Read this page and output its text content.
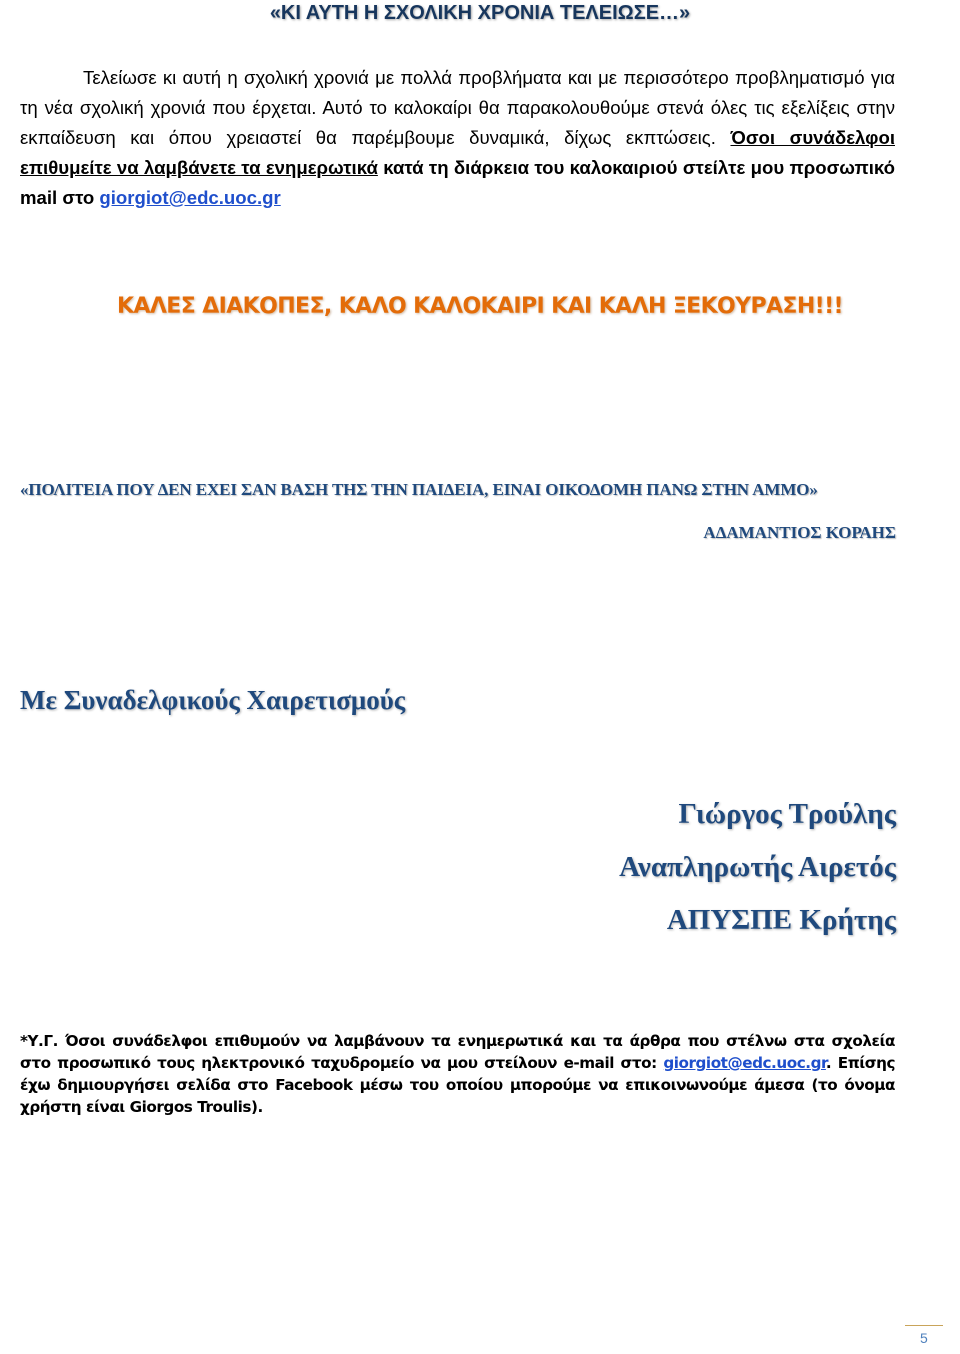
«ΚΙ ΑΥΤΗ Η ΣΧΟΛΙΚΗ ΧΡΟΝΙΑ ΤΕΛΕΙΩΣΕ…»

Τελείωσε κι αυτή η σχολική χρονιά με πολλά προβλήματα και με περισσότερο προβληματισμό για τη νέα σχολική χρονιά που έρχεται. Αυτό το καλοκαίρι θα παρακολουθούμε στενά όλες τις εξελίξεις στην εκπαίδευση και όπου χρειαστεί θα παρέμβουμε δυναμικά, δίχως εκπτώσεις. Όσοι συνάδελφοι επιθυμείτε να λαμβάνετε τα ενημερωτικά κατά τη διάρκεια του καλοκαιριού στείλτε μου προσωπικό mail στο giorgiot@edc.uoc.gr

ΚΑΛΕΣ ΔΙΑΚΟΠΕΣ, ΚΑΛΟ ΚΑΛΟΚΑΙΡΙ ΚΑΙ ΚΑΛΗ ΞΕΚΟΥΡΑΣΗ!!!
«ΠΟΛΙΤΕΙΑ ΠΟΥ ΔΕΝ ΕΧΕΙ ΣΑΝ ΒΑΣΗ ΤΗΣ ΤΗΝ ΠΑΙΔΕΙΑ, ΕΙΝΑΙ ΟΙΚΟΔΟΜΗ ΠΑΝΩ ΣΤΗΝ ΑΜΜΟ»
ΑΔΑΜΑΝΤΙΟΣ ΚΟΡΑΗΣ
Με Συναδελφικούς Χαιρετισμούς
Γιώργος Τρούλης
Αναπληρωτής Αιρετός
ΑΠΥΣΠΕ Κρήτης

*Υ.Γ. Όσοι συνάδελφοι επιθυμούν να λαμβάνουν τα ενημερωτικά και τα άρθρα που στέλνω στα σχολεία στο προσωπικό τους ηλεκτρονικό ταχυδρομείο να μου στείλουν e-mail στο: giorgiot@edc.uoc.gr. Επίσης έχω δημιουργήσει σελίδα στο Facebook μέσω του οποίου μπορούμε να επικοινωνούμε άμεσα (το όνομα χρήστη είναι Giorgos Troulis).

5
